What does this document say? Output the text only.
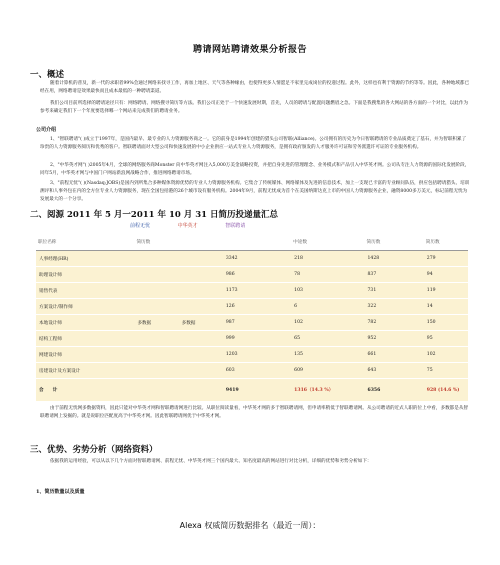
聘请网站聘请效果分析报告
一、概述
随着计算机的普及，新一代的求职者99%会通过网络来找寻工作，再加上地区、天气等各种缘由，也使得更多人情愿足不家里完成岗位的投递过程。此外，这样也有利于资源的节约等等。因此，各种地域都已经在用，网络聘请是效果最快而且成本最低的一种聘请渠道。
我们公司目前所选择的聘请途径只有：网络聘请、网络搜寻简历等方法。我们公司正处于一个快速发展时期，首先，人员的聘请与配置问题燃眉之急。下面是我搜集的各大网站的各方面的一个对比，以此作为参考来确定我们下一个年度要选择哪一个网站来完成我们的聘请业务。
公司介绍
1、"智联聘请"( )成立于1997年，是国内最早、最专业的人力资源服务商之一。它的前身是1994年创建的猎头公司智联(Alliance)。公司拥有的历史为今日智联聘请的专业品质奠定了基石，并为智联积累了珍贵的人力资源服务阅历和优秀的客户。智联聘请面对大型公司和快速发展的中小企业供应一站式专业人力资源服务，是拥有政府颁发的人才服务许可证和劳务派遣许可证的专业服务机构。
2、"中华英才网"( )2005年4月，全球的网络服务商Monster 向中华英才网注入5,000万美金战略投资，并把自身先进的管理理念、业务模式和产品引入中华英才网。公司从专注人力资源的国际化发展阶段，同年5月，中华英才网与中国门户网站新浪网战略合作，推进网络聘请市场。
3、"前程无忧"( )(Nasdaq:JOBS)是国内到所集合多种媒体资源优势的专业人力资源服务机构。它集合了传统媒体、网络媒体及先进的信息技术，加上一支现已卡富的专业顾问队伍，供应包括聘请猎头、培训测评和人事外包在内的全方位专业人力资源服务，现在全国包括港的26个城市设有服务机构。2004年9月，前程无忧成为首个在美国纳斯达克上市的中国人力资源服务企业，融资8000多万美元，标记前程无忧为发展最大的一个分享。
二、阅源 2011 年 5 月一2011 年 10 月 31 日简历投递量汇总
前程无忧	中华英才	智联聘请
职位名称		简历数				中途数		简历数	简历数
人事经理(HR)				3342		218		1428	279
助理设计师				986		78		837	94
销售代表				1173		103		731	119
方案设计/制作师				126		6		322	14
本地设计师		多数据	多数据	987		102		782	150
结构工程师				999		65		952	95
网建设计师				1203		135		661	102
房建设计及方案设计				603		609		643	75
合　　计				9419		1316（14.3 %）		6356	928 (14.6 %)
由于前程无忧网多数据资料，因此只能对中华英才网和智联聘请网进行比较。从职位阅读量看，中华英才网的多于智联聘请网，但申请率稍低于智联聘请网。从公司聘请的近式人职的位上中看，多数都是从智联聘请网上发掘的。就是说职位匹配度高于中华英才网。因此智联聘请网优于中华英才网。
三、优势、劣势分析（网络资料）
依据我的运用经验，可以从以下几个方面对智联聘请网、前程无忧、中华英才网三个国内最大、知名度最高的网站进行对比分析，详细的优势和劣势分析如下：
1、简历数量以及质量
Alexa 权威简历数据排名（最近一周）：
